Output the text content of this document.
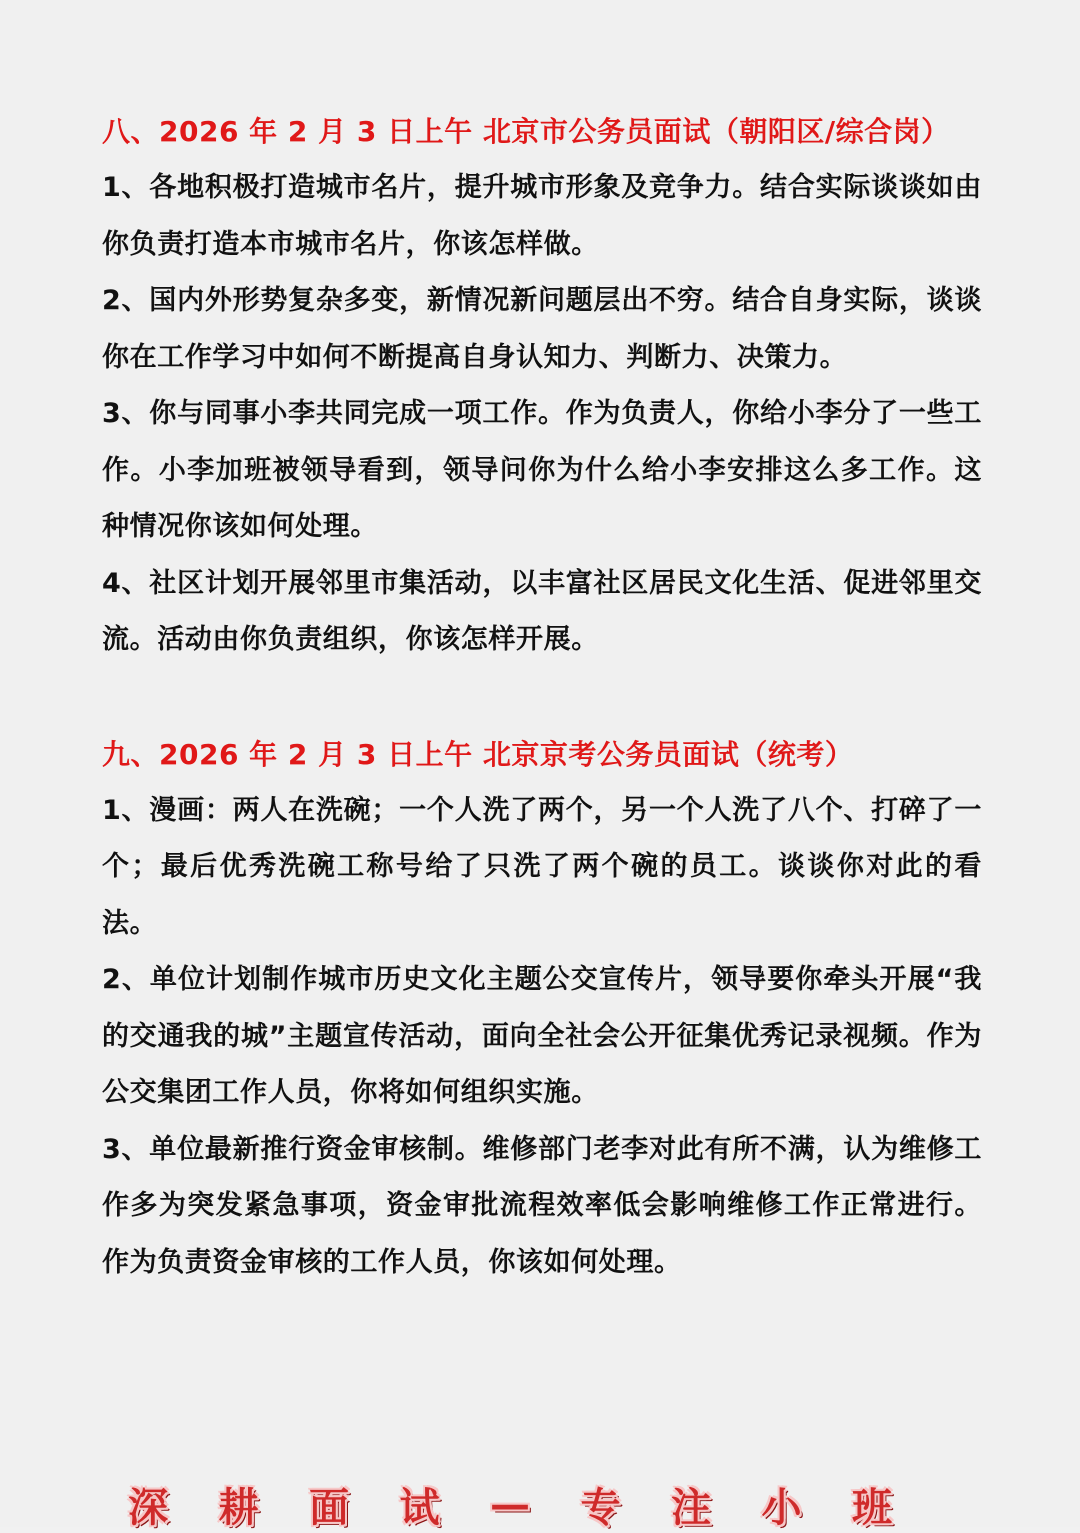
八、2026 年 2 月 3 日上午 北京市公务员面试（朝阳区/综合岗）
1、各地积极打造城市名片，提升城市形象及竞争力。结合实际谈谈如由你负责打造本市城市名片，你该怎样做。
2、国内外形势复杂多变，新情况新问题层出不穷。结合自身实际，谈谈你在工作学习中如何不断提高自身认知力、判断力、决策力。
3、你与同事小李共同完成一项工作。作为负责人，你给小李分了一些工作。小李加班被领导看到，领导问你为什么给小李安排这么多工作。这种情况你该如何处理。
4、社区计划开展邻里市集活动，以丰富社区居民文化生活、促进邻里交流。活动由你负责组织，你该怎样开展。
九、2026 年 2 月 3 日上午 北京京考公务员面试（统考）
1、漫画：两人在洗碗；一个人洗了两个，另一个人洗了八个、打碎了一个；最后优秀洗碗工称号给了只洗了两个碗的员工。谈谈你对此的看法。
2、单位计划制作城市历史文化主题公交宣传片，领导要你牵头开展“我的交通我的城”主题宣传活动，面向全社会公开征集优秀记录视频。作为公交集团工作人员，你将如何组织实施。
3、单位最新推行资金审核制。维修部门老李对此有所不满，认为维修工作多为突发紧急事项，资金审批流程效率低会影响维修工作正常进行。作为负责资金审核的工作人员，你该如何处理。
深 耕 面 试 — 专 注 小 班
